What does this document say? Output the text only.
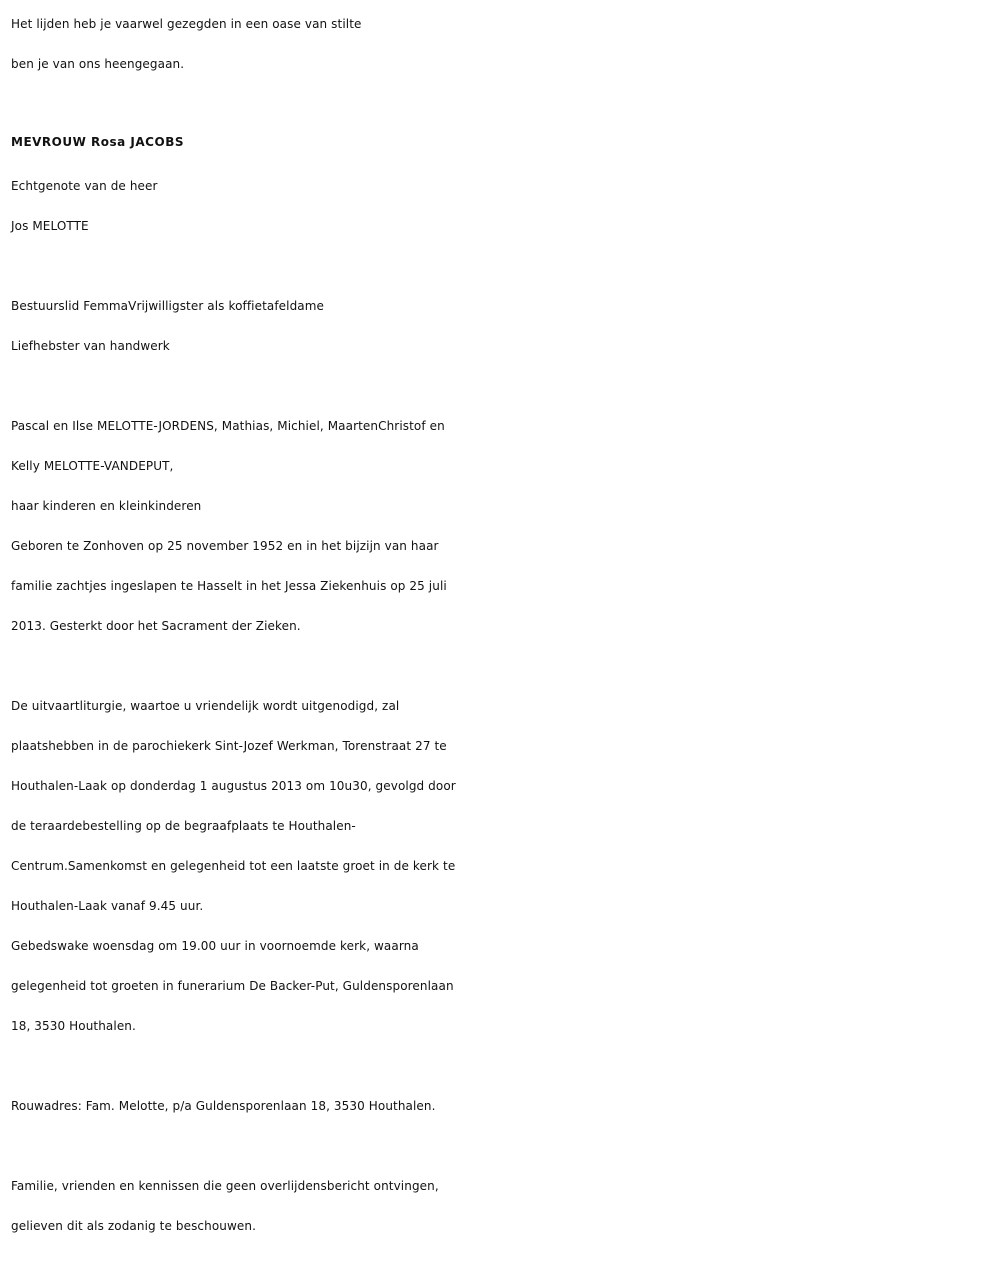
Het lijden heb je vaarwel gezegden in een oase van stilte
ben je van ons heengegaan.
MEVROUW Rosa JACOBS
Echtgenote van de heer
Jos MELOTTE
Bestuurslid FemmaVrijwilligster als koffietafeldame
Liefhebster van handwerk
Pascal en Ilse MELOTTE-JORDENS, Mathias, Michiel, MaartenChristof en
Kelly MELOTTE-VANDEPUT,
haar kinderen en kleinkinderen
Geboren te Zonhoven op 25 november 1952 en in het bijzijn van haar
familie zachtjes ingeslapen te Hasselt in het Jessa Ziekenhuis op 25 juli
2013. Gesterkt door het Sacrament der Zieken.
De uitvaartliturgie, waartoe u vriendelijk wordt uitgenodigd, zal
plaatshebben in de parochiekerk Sint-Jozef Werkman, Torenstraat 27 te
Houthalen-Laak op donderdag 1 augustus 2013 om 10u30, gevolgd door
de teraardebestelling op de begraafplaats te Houthalen-
Centrum.Samenkomst en gelegenheid tot een laatste groet in de kerk te
Houthalen-Laak vanaf 9.45 uur.
Gebedswake woensdag om 19.00 uur in voornoemde kerk, waarna
gelegenheid tot groeten in funerarium De Backer-Put, Guldensporenlaan
18, 3530 Houthalen.
Rouwadres: Fam. Melotte, p/a Guldensporenlaan 18, 3530 Houthalen.
Familie, vrienden en kennissen die geen overlijdensbericht ontvingen,
gelieven dit als zodanig te beschouwen.
